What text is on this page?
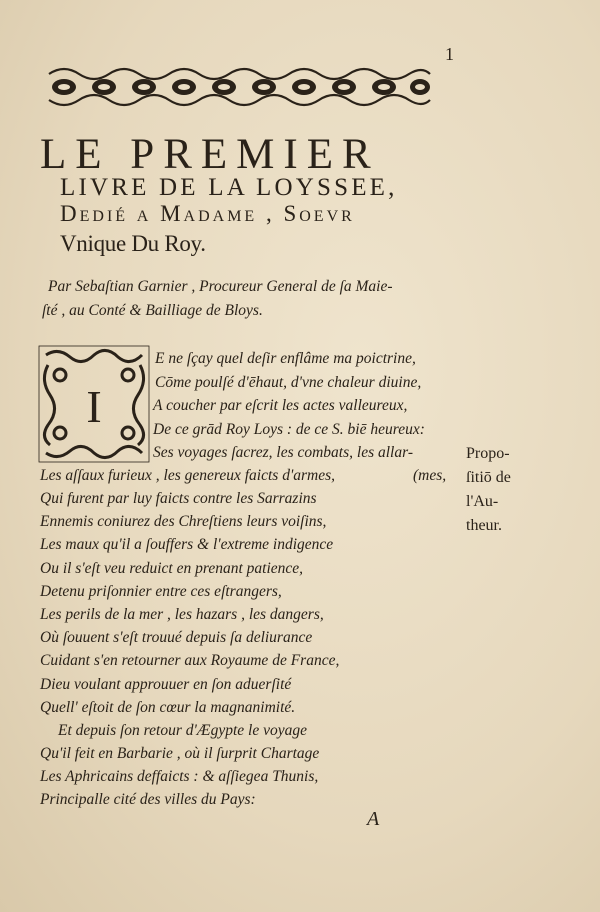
1
LE PREMIER
LIVRE DE LA LOYSSEE,
Dedié a Madame , Soevr
Vnique Du Roy.
Par Sebaſtian Garnier , Procureur General de ſa Maie-
ſté , au Conté & Bailliage de Bloys.
I
E ne ſçay quel deſir enflâme ma poictrine,
Cōme poulſé d'ēhaut, d'vne chaleur diuine,
A coucher par eſcrit les actes valleureux,
De ce grād Roy Loys : de ce S. biē heureux:
Ses voyages ſacrez, les combats, les allar-
Les aſſaux furieux , les genereux faicts d'armes,	(mes,
Qui furent par luy faicts contre les Sarrazins
Ennemis coniurez des Chreſtiens leurs voiſins,
Les maux qu'il a ſouffers & l'extreme indigence
Ou il s'eſt veu reduict en prenant patience,
Detenu priſonnier entre ces eſtrangers,
Les perils de la mer , les hazars , les dangers,
Où ſouuent s'eſt trouué depuis ſa deliurance
Cuidant s'en retourner aux Royaume de France,
Dieu voulant approuuer en ſon aduerſité
Quell' eſtoit de ſon cœur la magnanimité.
Et depuis ſon retour d'Ægypte le voyage
Qu'il feit en Barbarie , où il ſurprit Chartage
Les Aphricains deffaicts : & aſſiegea Thunis,
Principalle cité des villes du Pays:
Propo-
ſitiō de
l'Au-
theur.
A
